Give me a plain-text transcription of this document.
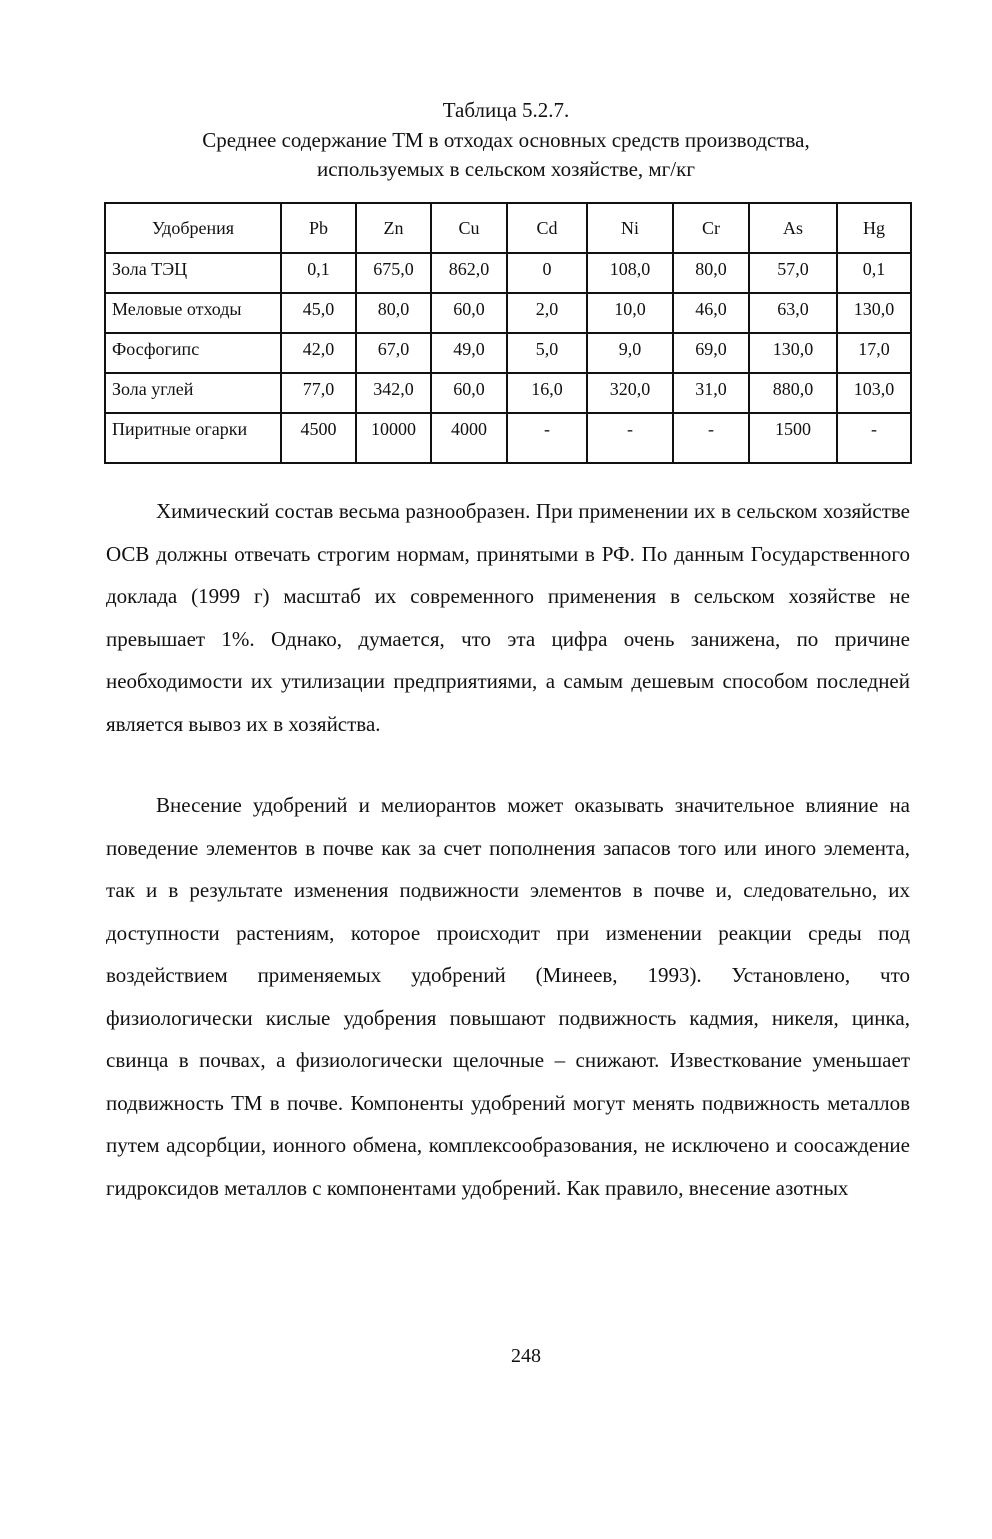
Таблица 5.2.7.
Среднее содержание ТМ в отходах основных средств производства,
используемых в сельском хозяйстве, мг/кг
Удобрения	Pb	Zn	Cu	Cd	Ni	Cr	As	Hg
Зола ТЭЦ	0,1	675,0	862,0	0	108,0	80,0	57,0	0,1
Меловые отходы	45,0	80,0	60,0	2,0	10,0	46,0	63,0	130,0
Фосфогипс	42,0	67,0	49,0	5,0	9,0	69,0	130,0	17,0
Зола углей	77,0	342,0	60,0	16,0	320,0	31,0	880,0	103,0
Пиритные огарки	4500	10000	4000	-	-	-	1500	-

Химический состав весьма разнообразен. При применении их в сельском хозяйстве ОСВ должны отвечать строгим нормам, принятыми в РФ. По данным Государственного доклада (1999 г) масштаб их современного применения в сельском хозяйстве не превышает 1%. Однако, думается, что эта цифра очень занижена, по причине необходимости их утилизации предприятиями, а самым дешевым способом последней является вывоз их в хозяйства.

Внесение удобрений и мелиорантов может оказывать значительное влияние на поведение элементов в почве как за счет пополнения запасов того или иного элемента, так и в результате изменения подвижности элементов в почве и, следовательно, их доступности растениям, которое происходит при изменении реакции среды под воздействием применяемых удобрений (Минеев, 1993). Установлено, что физиологически кислые удобрения повышают подвижность кадмия, никеля, цинка, свинца в почвах, а физиологически щелочные – снижают. Известкование уменьшает подвижность ТМ в почве. Компоненты удобрений могут менять подвижность металлов путем адсорбции, ионного обмена, комплексообразования, не исключено и соосаждение гидроксидов металлов с компонентами удобрений. Как правило, внесение азотных

248
